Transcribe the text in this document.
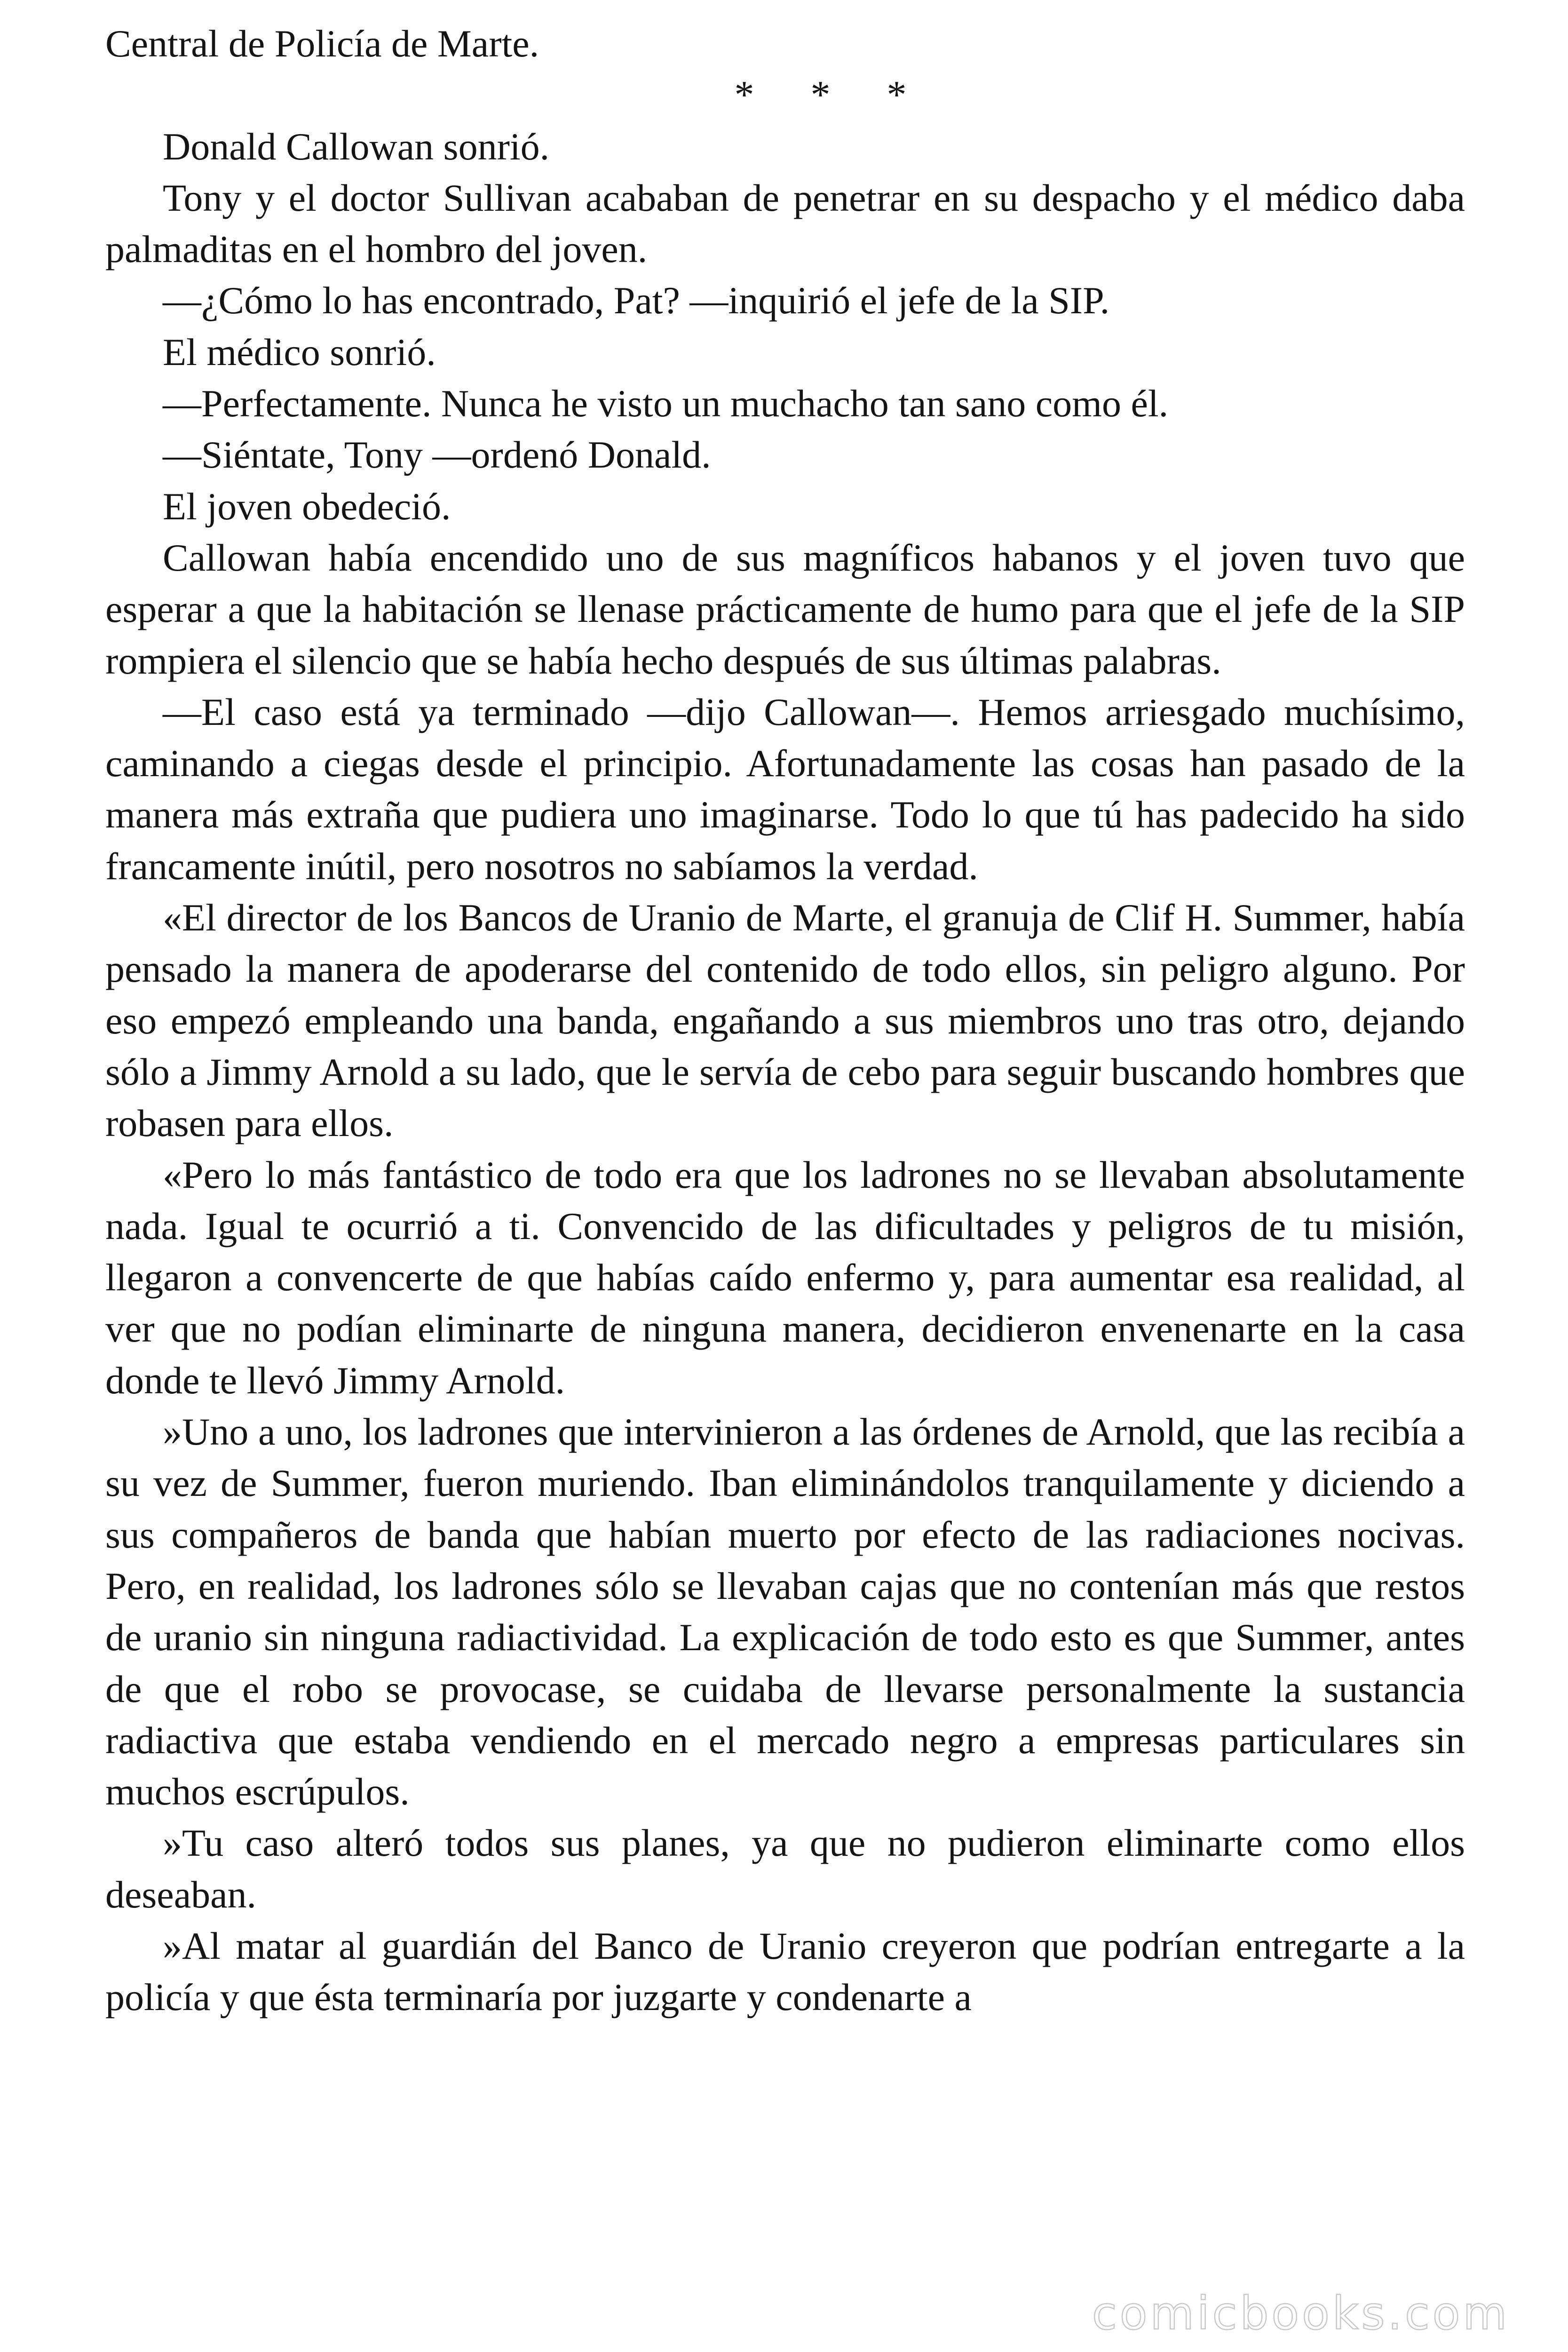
Central de Policía de Marte.

* * *

Donald Callowan sonrió.

Tony y el doctor Sullivan acababan de penetrar en su despacho y el médico daba palmaditas en el hombro del joven.

—¿Cómo lo has encontrado, Pat? —inquirió el jefe de la SIP.

El médico sonrió.

—Perfectamente. Nunca he visto un muchacho tan sano como él.

—Siéntate, Tony —ordenó Donald.

El joven obedeció.

Callowan había encendido uno de sus magníficos habanos y el joven tuvo que esperar a que la habitación se llenase prácticamente de humo para que el jefe de la SIP rompiera el silencio que se había hecho después de sus últimas palabras.

—El caso está ya terminado —dijo Callowan—. Hemos arriesgado muchísimo, caminando a ciegas desde el principio. Afortunadamente las cosas han pasado de la manera más extraña que pudiera uno imaginarse. Todo lo que tú has padecido ha sido francamente inútil, pero nosotros no sabíamos la verdad.

«El director de los Bancos de Uranio de Marte, el granuja de Clif H. Summer, había pensado la manera de apoderarse del contenido de todo ellos, sin peligro alguno. Por eso empezó empleando una banda, engañando a sus miembros uno tras otro, dejando sólo a Jimmy Arnold a su lado, que le servía de cebo para seguir buscando hombres que robasen para ellos.

«Pero lo más fantástico de todo era que los ladrones no se llevaban absolutamente nada. Igual te ocurrió a ti. Convencido de las dificultades y peligros de tu misión, llegaron a convencerte de que habías caído enfermo y, para aumentar esa realidad, al ver que no podían eliminarte de ninguna manera, decidieron envenenarte en la casa donde te llevó Jimmy Arnold.

»Uno a uno, los ladrones que intervinieron a las órdenes de Arnold, que las recibía a su vez de Summer, fueron muriendo. Iban eliminándolos tranquilamente y diciendo a sus compañeros de banda que habían muerto por efecto de las radiaciones nocivas. Pero, en realidad, los ladrones sólo se llevaban cajas que no contenían más que restos de uranio sin ninguna radiactividad. La explicación de todo esto es que Summer, antes de que el robo se provocase, se cuidaba de llevarse personalmente la sustancia radiactiva que estaba vendiendo en el mercado negro a empresas particulares sin muchos escrúpulos.

»Tu caso alteró todos sus planes, ya que no pudieron eliminarte como ellos deseaban.

»Al matar al guardián del Banco de Uranio creyeron que podrían entregarte a la policía y que ésta terminaría por juzgarte y condenarte a

comicbooks.com
